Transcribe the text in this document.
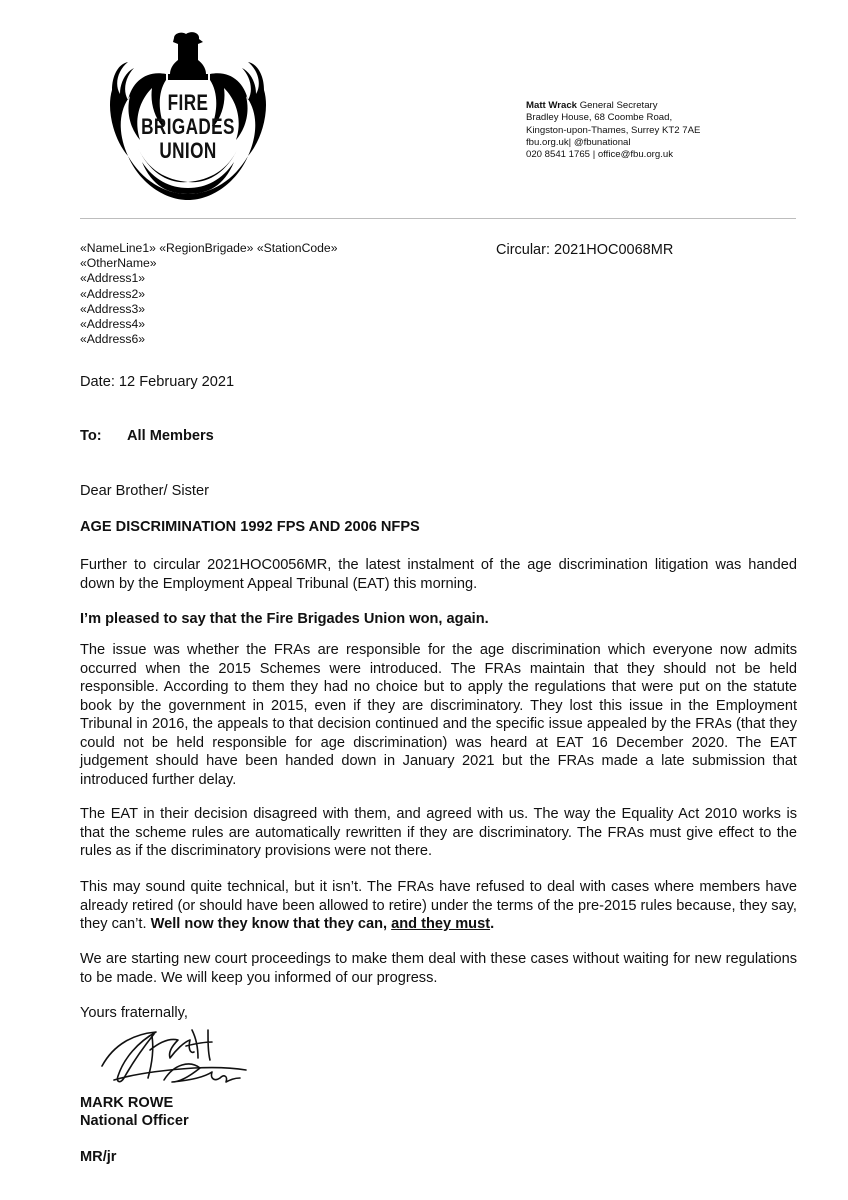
FIRE
BRIGADES
UNION
Matt Wrack General Secretary
Bradley House, 68 Coombe Road,
Kingston-upon-Thames, Surrey KT2 7AE
fbu.org.uk| @fbunational
020 8541 1765 | office@fbu.org.uk
«NameLine1» «RegionBrigade» «StationCode»
«OtherName»
«Address1»
«Address2»
«Address3»
«Address4»
«Address6»
Circular: 2021HOC0068MR
Date: 12 February 2021
To: All Members
Dear Brother/ Sister
AGE DISCRIMINATION 1992 FPS AND 2006 NFPS
Further to circular 2021HOC0056MR, the latest instalment of the age discrimination litigation was handed down by the Employment Appeal Tribunal (EAT) this morning.
I’m pleased to say that the Fire Brigades Union won, again.
The issue was whether the FRAs are responsible for the age discrimination which everyone now admits occurred when the 2015 Schemes were introduced. The FRAs maintain that they should not be held responsible. According to them they had no choice but to apply the regulations that were put on the statute book by the government in 2015, even if they are discriminatory. They lost this issue in the Employment Tribunal in 2016, the appeals to that decision continued and the specific issue appealed by the FRAs (that they could not be held responsible for age discrimination) was heard at EAT 16 December 2020. The EAT judgement should have been handed down in January 2021 but the FRAs made a late submission that introduced further delay.
The EAT in their decision disagreed with them, and agreed with us. The way the Equality Act 2010 works is that the scheme rules are automatically rewritten if they are discriminatory. The FRAs must give effect to the rules as if the discriminatory provisions were not there.
This may sound quite technical, but it isn’t. The FRAs have refused to deal with cases where members have already retired (or should have been allowed to retire) under the terms of the pre-2015 rules because, they say, they can’t. Well now they know that they can, and they must.
We are starting new court proceedings to make them deal with these cases without waiting for new regulations to be made. We will keep you informed of our progress.
Yours fraternally,
MARK ROWE
National Officer
MR/jr
